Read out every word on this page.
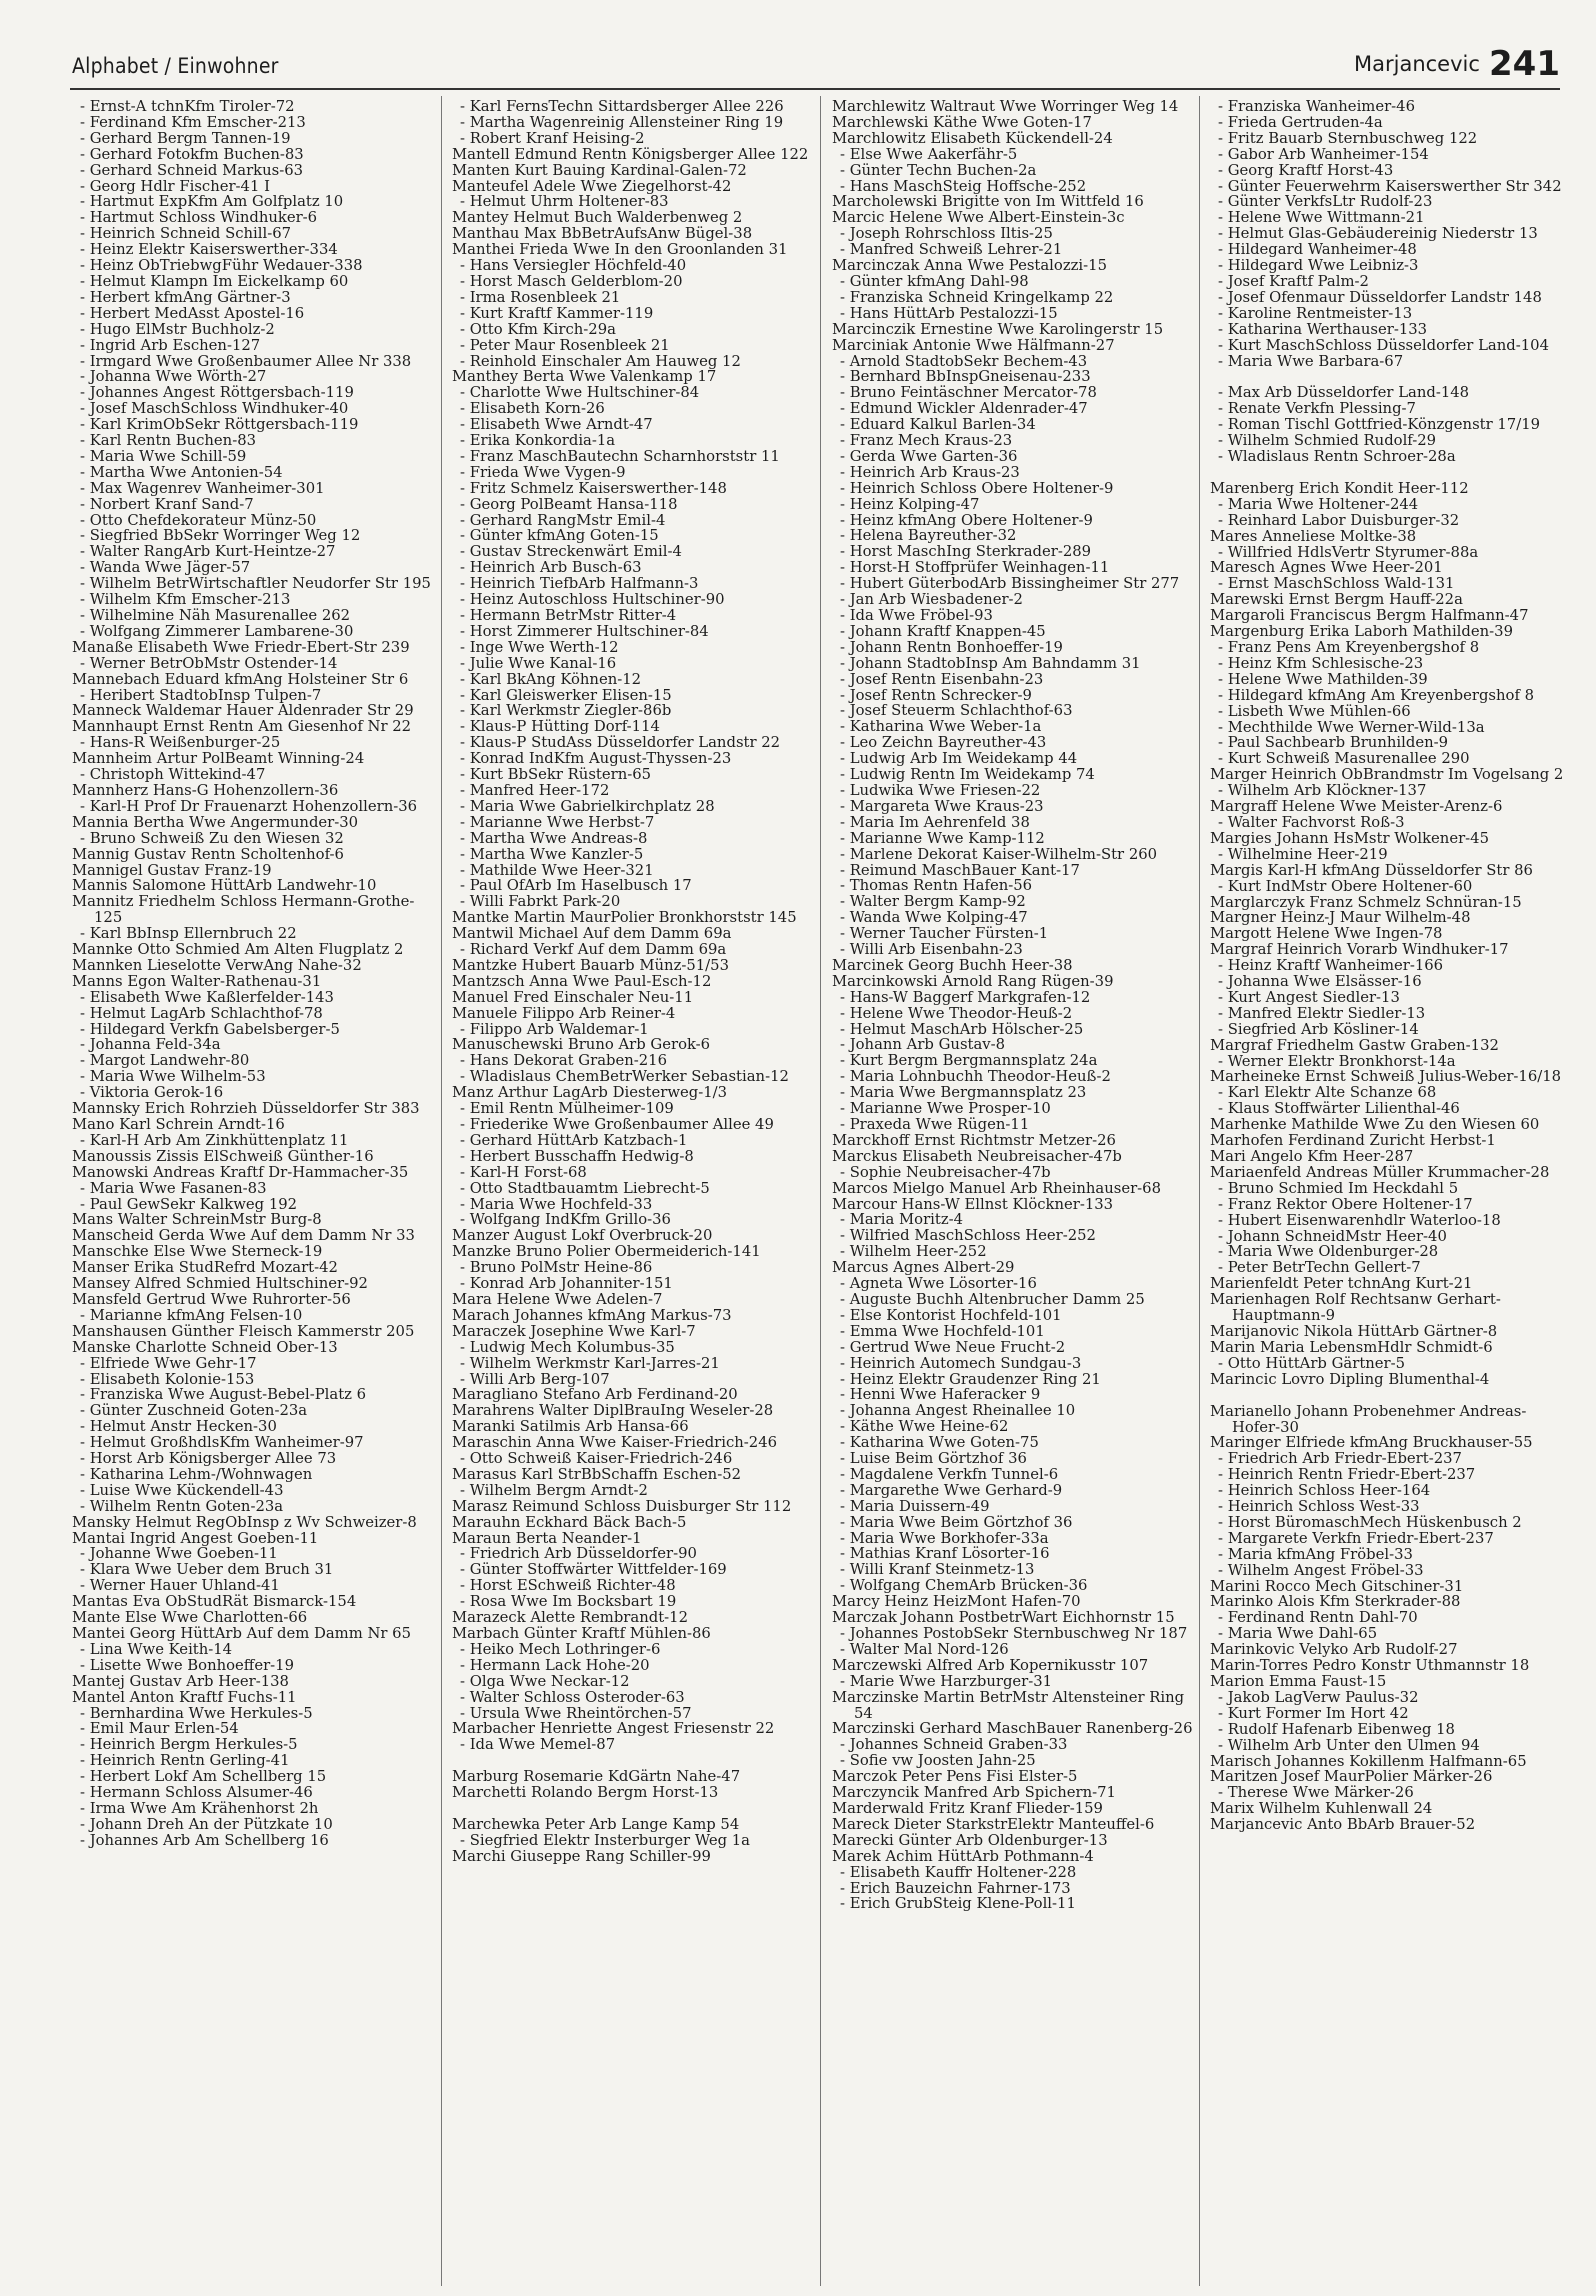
Alphabet / Einwohner	Marjancevic 241
- Ernst-A tchnKfm Tiroler-72
- Ferdinand Kfm Emscher-213
- Gerhard Bergm Tannen-19
- Gerhard Fotokfm Buchen-83
- Gerhard Schneid Markus-63
- Georg Hdlr Fischer-41 I
- Hartmut ExpKfm Am Golfplatz 10
- Hartmut Schloss Windhuker-6
- Heinrich Schneid Schill-67
- Heinz Elektr Kaiserswerther-334
- Heinz ObTriebwgFühr Wedauer-338
- Helmut Klampn Im Eickelkamp 60
- Herbert kfmAng Gärtner-3
- Herbert MedAsst Apostel-16
- Hugo ElMstr Buchholz-2
- Ingrid Arb Eschen-127
- Irmgard Wwe Großenbaumer Allee Nr 338
- Johanna Wwe Wörth-27
- Johannes Angest Röttgersbach-119
- Josef MaschSchloss Windhuker-40
- Karl KrimObSekr Röttgersbach-119
- Karl Rentn Buchen-83
- Maria Wwe Schill-59
- Martha Wwe Antonien-54
- Max Wagenrev Wanheimer-301
- Norbert Kranf Sand-7
- Otto Chefdekorateur Münz-50
- Siegfried BbSekr Worringer Weg 12
- Walter RangArb Kurt-Heintze-27
- Wanda Wwe Jäger-57
- Wilhelm BetrWirtschaftler Neudorfer Str 195
- Wilhelm Kfm Emscher-213
- Wilhelmine Näh Masurenallee 262
- Wolfgang Zimmerer Lambarene-30
Manaße Elisabeth Wwe Friedr-Ebert-Str 239
- Werner BetrObMstr Ostender-14
Mannebach Eduard kfmAng Holsteiner Str 6
- Heribert StadtobInsp Tulpen-7
Manneck Waldemar Hauer Aldenrader Str 29
Mannhaupt Ernst Rentn Am Giesenhof Nr 22
- Hans-R Weißenburger-25
Mannheim Artur PolBeamt Winning-24
- Christoph Wittekind-47
Mannherz Hans-G Hohenzollern-36
- Karl-H Prof Dr Frauenarzt Hohenzollern-36
Mannia Bertha Wwe Angermunder-30
- Bruno Schweiß Zu den Wiesen 32
Mannig Gustav Rentn Scholtenhof-6
Mannigel Gustav Franz-19
Mannis Salomone HüttArb Landwehr-10
Mannitz Friedhelm Schloss Hermann-Grothe-125
- Karl BbInsp Ellernbruch 22
Mannke Otto Schmied Am Alten Flugplatz 2
Mannken Lieselotte VerwAng Nahe-32
Manns Egon Walter-Rathenau-31
- Elisabeth Wwe Kaßlerfelder-143
- Helmut LagArb Schlachthof-78
- Hildegard Verkfn Gabelsberger-5
- Johanna Feld-34a
- Margot Landwehr-80
- Maria Wwe Wilhelm-53
- Viktoria Gerok-16
Mannsky Erich Rohrzieh Düsseldorfer Str 383
Mano Karl Schrein Arndt-16
- Karl-H Arb Am Zinkhüttenplatz 11
Manoussis Zissis ElSchweiß Günther-16
Manowski Andreas Kraftf Dr-Hammacher-35
- Maria Wwe Fasanen-83
- Paul GewSekr Kalkweg 192
Mans Walter SchreinMstr Burg-8
Manscheid Gerda Wwe Auf dem Damm Nr 33
Manschke Else Wwe Sterneck-19
Manser Erika StudRefrd Mozart-42
Mansey Alfred Schmied Hultschiner-92
Mansfeld Gertrud Wwe Ruhrorter-56
- Marianne kfmAng Felsen-10
Manshausen Günther Fleisch Kammerstr 205
Manske Charlotte Schneid Ober-13
- Elfriede Wwe Gehr-17
- Elisabeth Kolonie-153
- Franziska Wwe August-Bebel-Platz 6
- Günter Zuschneid Goten-23a
- Helmut Anstr Hecken-30
- Helmut GroßhdlsKfm Wanheimer-97
- Horst Arb Königsberger Allee 73
- Katharina Lehm-/Wohnwagen
- Luise Wwe Kückendell-43
- Wilhelm Rentn Goten-23a
Mansky Helmut RegObInsp z Wv Schweizer-8
Mantai Ingrid Angest Goeben-11
- Johanne Wwe Goeben-11
- Klara Wwe Ueber dem Bruch 31
- Werner Hauer Uhland-41
Mantas Eva ObStudRät Bismarck-154
Mante Else Wwe Charlotten-66
Mantei Georg HüttArb Auf dem Damm Nr 65
- Lina Wwe Keith-14
- Lisette Wwe Bonhoeffer-19
Mantej Gustav Arb Heer-138
Mantel Anton Kraftf Fuchs-11
- Bernhardina Wwe Herkules-5
- Emil Maur Erlen-54
- Heinrich Bergm Herkules-5
- Heinrich Rentn Gerling-41
- Herbert Lokf Am Schellberg 15
- Hermann Schloss Alsumer-46
- Irma Wwe Am Krähenhorst 2h
- Johann Dreh An der Pützkate 10
- Johannes Arb Am Schellberg 16
- Karl FernsTechn Sittardsberger Allee 226
- Martha Wagenreinig Allensteiner Ring 19
- Robert Kranf Heising-2
Mantell Edmund Rentn Königsberger Allee 122
Manten Kurt Bauing Kardinal-Galen-72
Manteufel Adele Wwe Ziegelhorst-42
- Helmut Uhrm Holtener-83
Mantey Helmut Buch Walderbenweg 2
Manthau Max BbBetrAufsAnw Bügel-38
Manthei Frieda Wwe In den Groonlanden 31
- Hans Versiegler Höchfeld-40
- Horst Masch Gelderblom-20
- Irma Rosenbleek 21
- Kurt Kraftf Kammer-119
- Otto Kfm Kirch-29a
- Peter Maur Rosenbleek 21
- Reinhold Einschaler Am Hauweg 12
Manthey Berta Wwe Valenkamp 17
- Charlotte Wwe Hultschiner-84
- Elisabeth Korn-26
- Elisabeth Wwe Arndt-47
- Erika Konkordia-1a
- Franz MaschBautechn Scharnhorststr 11
- Frieda Wwe Vygen-9
- Fritz Schmelz Kaiserswerther-148
- Georg PolBeamt Hansa-118
- Gerhard RangMstr Emil-4
- Günter kfmAng Goten-15
- Gustav Streckenwärt Emil-4
- Heinrich Arb Busch-63
- Heinrich TiefbArb Halfmann-3
- Heinz Autoschloss Hultschiner-90
- Hermann BetrMstr Ritter-4
- Horst Zimmerer Hultschiner-84
- Inge Wwe Werth-12
- Julie Wwe Kanal-16
- Karl BkAng Köhnen-12
- Karl Gleiswerker Elisen-15
- Karl Werkmstr Ziegler-86b
- Klaus-P Hütting Dorf-114
- Klaus-P StudAss Düsseldorfer Landstr 22
- Konrad IndKfm August-Thyssen-23
- Kurt BbSekr Rüstern-65
- Manfred Heer-172
- Maria Wwe Gabrielkirchplatz 28
- Marianne Wwe Herbst-7
- Martha Wwe Andreas-8
- Martha Wwe Kanzler-5
- Mathilde Wwe Heer-321
- Paul OfArb Im Haselbusch 17
- Willi Fabrkt Park-20
Mantke Martin MaurPolier Bronkhorststr 145
Mantwil Michael Auf dem Damm 69a
- Richard Verkf Auf dem Damm 69a
Mantzke Hubert Bauarb Münz-51/53
Mantzsch Anna Wwe Paul-Esch-12
Manuel Fred Einschaler Neu-11
Manuele Filippo Arb Reiner-4
- Filippo Arb Waldemar-1
Manuschewski Bruno Arb Gerok-6
- Hans Dekorat Graben-216
- Wladislaus ChemBetrWerker Sebastian-12
Manz Arthur LagArb Diesterweg-1/3
- Emil Rentn Mülheimer-109
- Friederike Wwe Großenbaumer Allee 49
- Gerhard HüttArb Katzbach-1
- Herbert Busschaffn Hedwig-8
- Karl-H Forst-68
- Otto Stadtbauamtm Liebrecht-5
- Maria Wwe Hochfeld-33
- Wolfgang IndKfm Grillo-36
Manzer August Lokf Overbruck-20
Manzke Bruno Polier Obermeiderich-141
- Bruno PolMstr Heine-86
- Konrad Arb Johanniter-151
Mara Helene Wwe Adelen-7
Marach Johannes kfmAng Markus-73
Maraczek Josephine Wwe Karl-7
- Ludwig Mech Kolumbus-35
- Wilhelm Werkmstr Karl-Jarres-21
- Willi Arb Berg-107
Maragliano Stefano Arb Ferdinand-20
Marahrens Walter DiplBrauIng Weseler-28
Maranki Satilmis Arb Hansa-66
Maraschin Anna Wwe Kaiser-Friedrich-246
- Otto Schweiß Kaiser-Friedrich-246
Marasus Karl StrBbSchaffn Eschen-52
- Wilhelm Bergm Arndt-2
Marasz Reimund Schloss Duisburger Str 112
Marauhn Eckhard Bäck Bach-5
Maraun Berta Neander-1
- Friedrich Arb Düsseldorfer-90
- Günter Stoffwärter Wittfelder-169
- Horst ESchweiß Richter-48
- Rosa Wwe Im Bocksbart 19
Marazeck Alette Rembrandt-12
Marbach Günter Kraftf Mühlen-86
- Heiko Mech Lothringer-6
- Hermann Lack Hohe-20
- Olga Wwe Neckar-12
- Walter Schloss Osteroder-63
- Ursula Wwe Rheintörchen-57
Marbacher Henriette Angest Friesenstr 22
- Ida Wwe Memel-87
Marburg Rosemarie KdGärtn Nahe-47
Marchetti Rolando Bergm Horst-13
Marchewka Peter Arb Lange Kamp 54
- Siegfried Elektr Insterburger Weg 1a
Marchi Giuseppe Rang Schiller-99
Marchlewitz Waltraut Wwe Worringer Weg 14
Marchlewski Käthe Wwe Goten-17
Marchlowitz Elisabeth Kückendell-24
- Else Wwe Aakerfähr-5
- Günter Techn Buchen-2a
- Hans MaschSteig Hoffsche-252
Marcholewski Brigitte von Im Wittfeld 16
Marcic Helene Wwe Albert-Einstein-3c
- Joseph Rohrschloss Iltis-25
- Manfred Schweiß Lehrer-21
Marcinczak Anna Wwe Pestalozzi-15
- Günter kfmAng Dahl-98
- Franziska Schneid Kringelkamp 22
- Hans HüttArb Pestalozzi-15
Marcinczik Ernestine Wwe Karolingerstr 15
Marciniak Antonie Wwe Hälfmann-27
- Arnold StadtobSekr Bechem-43
- Bernhard BbInspGneisenau-233
- Bruno Feintäschner Mercator-78
- Edmund Wickler Aldenrader-47
- Eduard Kalkul Barlen-34
- Franz Mech Kraus-23
- Gerda Wwe Garten-36
- Heinrich Arb Kraus-23
- Heinrich Schloss Obere Holtener-9
- Heinz Kolping-47
- Heinz kfmAng Obere Holtener-9
- Helena Bayreuther-32
- Horst MaschIng Sterkrader-289
- Horst-H Stoffprüfer Weinhagen-11
- Hubert GüterbodArb Bissingheimer Str 277
- Jan Arb Wiesbadener-2
- Ida Wwe Fröbel-93
- Johann Kraftf Knappen-45
- Johann Rentn Bonhoeffer-19
- Johann StadtobInsp Am Bahndamm 31
- Josef Rentn Eisenbahn-23
- Josef Rentn Schrecker-9
- Josef Steuerm Schlachthof-63
- Katharina Wwe Weber-1a
- Leo Zeichn Bayreuther-43
- Ludwig Arb Im Weidekamp 44
- Ludwig Rentn Im Weidekamp 74
- Ludwika Wwe Friesen-22
- Margareta Wwe Kraus-23
- Maria Im Aehrenfeld 38
- Marianne Wwe Kamp-112
- Marlene Dekorat Kaiser-Wilhelm-Str 260
- Reimund MaschBauer Kant-17
- Thomas Rentn Hafen-56
- Walter Bergm Kamp-92
- Wanda Wwe Kolping-47
- Werner Taucher Fürsten-1
- Willi Arb Eisenbahn-23
Marcinek Georg Buchh Heer-38
Marcinkowski Arnold Rang Rügen-39
- Hans-W Baggerf Markgrafen-12
- Helene Wwe Theodor-Heuß-2
- Helmut MaschArb Hölscher-25
- Johann Arb Gustav-8
- Kurt Bergm Bergmannsplatz 24a
- Maria Lohnbuchh Theodor-Heuß-2
- Maria Wwe Bergmannsplatz 23
- Marianne Wwe Prosper-10
- Praxeda Wwe Rügen-11
Marckhoff Ernst Richtmstr Metzer-26
Marckus Elisabeth Neubreisacher-47b
- Sophie Neubreisacher-47b
Marcos Mielgo Manuel Arb Rheinhauser-68
Marcour Hans-W Ellnst Klöckner-133
- Maria Moritz-4
- Wilfried MaschSchloss Heer-252
- Wilhelm Heer-252
Marcus Agnes Albert-29
- Agneta Wwe Lösorter-16
- Auguste Buchh Altenbrucher Damm 25
- Else Kontorist Hochfeld-101
- Emma Wwe Hochfeld-101
- Gertrud Wwe Neue Frucht-2
- Heinrich Automech Sundgau-3
- Heinz Elektr Graudenzer Ring 21
- Henni Wwe Haferacker 9
- Johanna Angest Rheinallee 10
- Käthe Wwe Heine-62
- Katharina Wwe Goten-75
- Luise Beim Görtzhof 36
- Magdalene Verkfn Tunnel-6
- Margarethe Wwe Gerhard-9
- Maria Duissern-49
- Maria Wwe Beim Görtzhof 36
- Maria Wwe Borkhofer-33a
- Mathias Kranf Lösorter-16
- Willi Kranf Steinmetz-13
- Wolfgang ChemArb Brücken-36
Marcy Heinz HeizMont Hafen-70
Marczak Johann PostbetrWart Eichhornstr 15
- Johannes PostobSekr Sternbuschweg Nr 187
- Walter Mal Nord-126
Marczewski Alfred Arb Kopernikusstr 107
- Marie Wwe Harzburger-31
Marczinske Martin BetrMstr Altensteiner Ring 54
Marczinski Gerhard MaschBauer Ranenberg-26
- Johannes Schneid Graben-33
- Sofie vw Joosten Jahn-25
Marczok Peter Pens Fisi Elster-5
Marczyncik Manfred Arb Spichern-71
Marderwald Fritz Kranf Flieder-159
Mareck Dieter StarkstrElektr Manteuffel-6
Marecki Günter Arb Oldenburger-13
Marek Achim HüttArb Pothmann-4
- Elisabeth Kauffr Holtener-228
- Erich Bauzeichn Fahrner-173
- Erich GrubSteig Klene-Poll-11
- Franziska Wanheimer-46
- Frieda Gertruden-4a
- Fritz Bauarb Sternbuschweg 122
- Gabor Arb Wanheimer-154
- Georg Kraftf Horst-43
- Günter Feuerwehrm Kaiserswerther Str 342
- Günter VerkfsLtr Rudolf-23
- Helene Wwe Wittmann-21
- Helmut Glas-Gebäudereinig Niederstr 13
- Hildegard Wanheimer-48
- Hildegard Wwe Leibniz-3
- Josef Kraftf Palm-2
- Josef Ofenmaur Düsseldorfer Landstr 148
- Karoline Rentmeister-13
- Katharina Werthauser-133
- Kurt MaschSchloss Düsseldorfer Land-104
- Maria Wwe Barbara-67
- Max Arb Düsseldorfer Land-148
- Renate Verkfn Plessing-7
- Roman Tischl Gottfried-Könzgenstr 17/19
- Wilhelm Schmied Rudolf-29
- Wladislaus Rentn Schroer-28a
Marenberg Erich Kondit Heer-112
- Maria Wwe Holtener-244
- Reinhard Labor Duisburger-32
Mares Anneliese Moltke-38
- Willfried HdlsVertr Styrumer-88a
Maresch Agnes Wwe Heer-201
- Ernst MaschSchloss Wald-131
Marewski Ernst Bergm Hauff-22a
Margaroli Franciscus Bergm Halfmann-47
Margenburg Erika Laborh Mathilden-39
- Franz Pens Am Kreyenbergshof 8
- Heinz Kfm Schlesische-23
- Helene Wwe Mathilden-39
- Hildegard kfmAng Am Kreyenbergshof 8
- Lisbeth Wwe Mühlen-66
- Mechthilde Wwe Werner-Wild-13a
- Paul Sachbearb Brunhilden-9
- Kurt Schweiß Masurenallee 290
Marger Heinrich ObBrandmstr Im Vogelsang 2
- Wilhelm Arb Klöckner-137
Margraff Helene Wwe Meister-Arenz-6
- Walter Fachvorst Roß-3
Margies Johann HsMstr Wolkener-45
- Wilhelmine Heer-219
Margis Karl-H kfmAng Düsseldorfer Str 86
- Kurt IndMstr Obere Holtener-60
Marglarczyk Franz Schmelz Schnüran-15
Margner Heinz-J Maur Wilhelm-48
Margott Helene Wwe Ingen-78
Margraf Heinrich Vorarb Windhuker-17
- Heinz Kraftf Wanheimer-166
- Johanna Wwe Elsässer-16
- Kurt Angest Siedler-13
- Manfred Elektr Siedler-13
- Siegfried Arb Kösliner-14
Margraf Friedhelm Gastw Graben-132
- Werner Elektr Bronkhorst-14a
Marheineke Ernst Schweiß Julius-Weber-16/18
- Karl Elektr Alte Schanze 68
- Klaus Stoffwärter Lilienthal-46
Marhenke Mathilde Wwe Zu den Wiesen 60
Marhofen Ferdinand Zuricht Herbst-1
Mari Angelo Kfm Heer-287
Mariaenfeld Andreas Müller Krummacher-28
- Bruno Schmied Im Heckdahl 5
- Franz Rektor Obere Holtener-17
- Hubert Eisenwarenhdlr Waterloo-18
- Johann SchneidMstr Heer-40
- Maria Wwe Oldenburger-28
- Peter BetrTechn Gellert-7
Marienfeldt Peter tchnAng Kurt-21
Marienhagen Rolf Rechtsanw Gerhart-Hauptmann-9
Marijanovic Nikola HüttArb Gärtner-8
Marin Maria LebensmHdlr Schmidt-6
- Otto HüttArb Gärtner-5
Marincic Lovro Dipling Blumenthal-4
Marianello Johann Probenehmer Andreas-Hofer-30
Maringer Elfriede kfmAng Bruckhauser-55
- Friedrich Arb Friedr-Ebert-237
- Heinrich Rentn Friedr-Ebert-237
- Heinrich Schloss Heer-164
- Heinrich Schloss West-33
- Horst BüromaschMech Hüskenbusch 2
- Margarete Verkfn Friedr-Ebert-237
- Maria kfmAng Fröbel-33
- Wilhelm Angest Fröbel-33
Marini Rocco Mech Gitschiner-31
Marinko Alois Kfm Sterkrader-88
- Ferdinand Rentn Dahl-70
- Maria Wwe Dahl-65
Marinkovic Velyko Arb Rudolf-27
Marin-Torres Pedro Konstr Uthmannstr 18
Marion Emma Faust-15
- Jakob LagVerw Paulus-32
- Kurt Former Im Hort 42
- Rudolf Hafenarb Eibenweg 18
- Wilhelm Arb Unter den Ulmen 94
Marisch Johannes Kokillenm Halfmann-65
Maritzen Josef MaurPolier Märker-26
- Therese Wwe Märker-26
Marix Wilhelm Kuhlenwall 24
Marjancevic Anto BbArb Brauer-52
